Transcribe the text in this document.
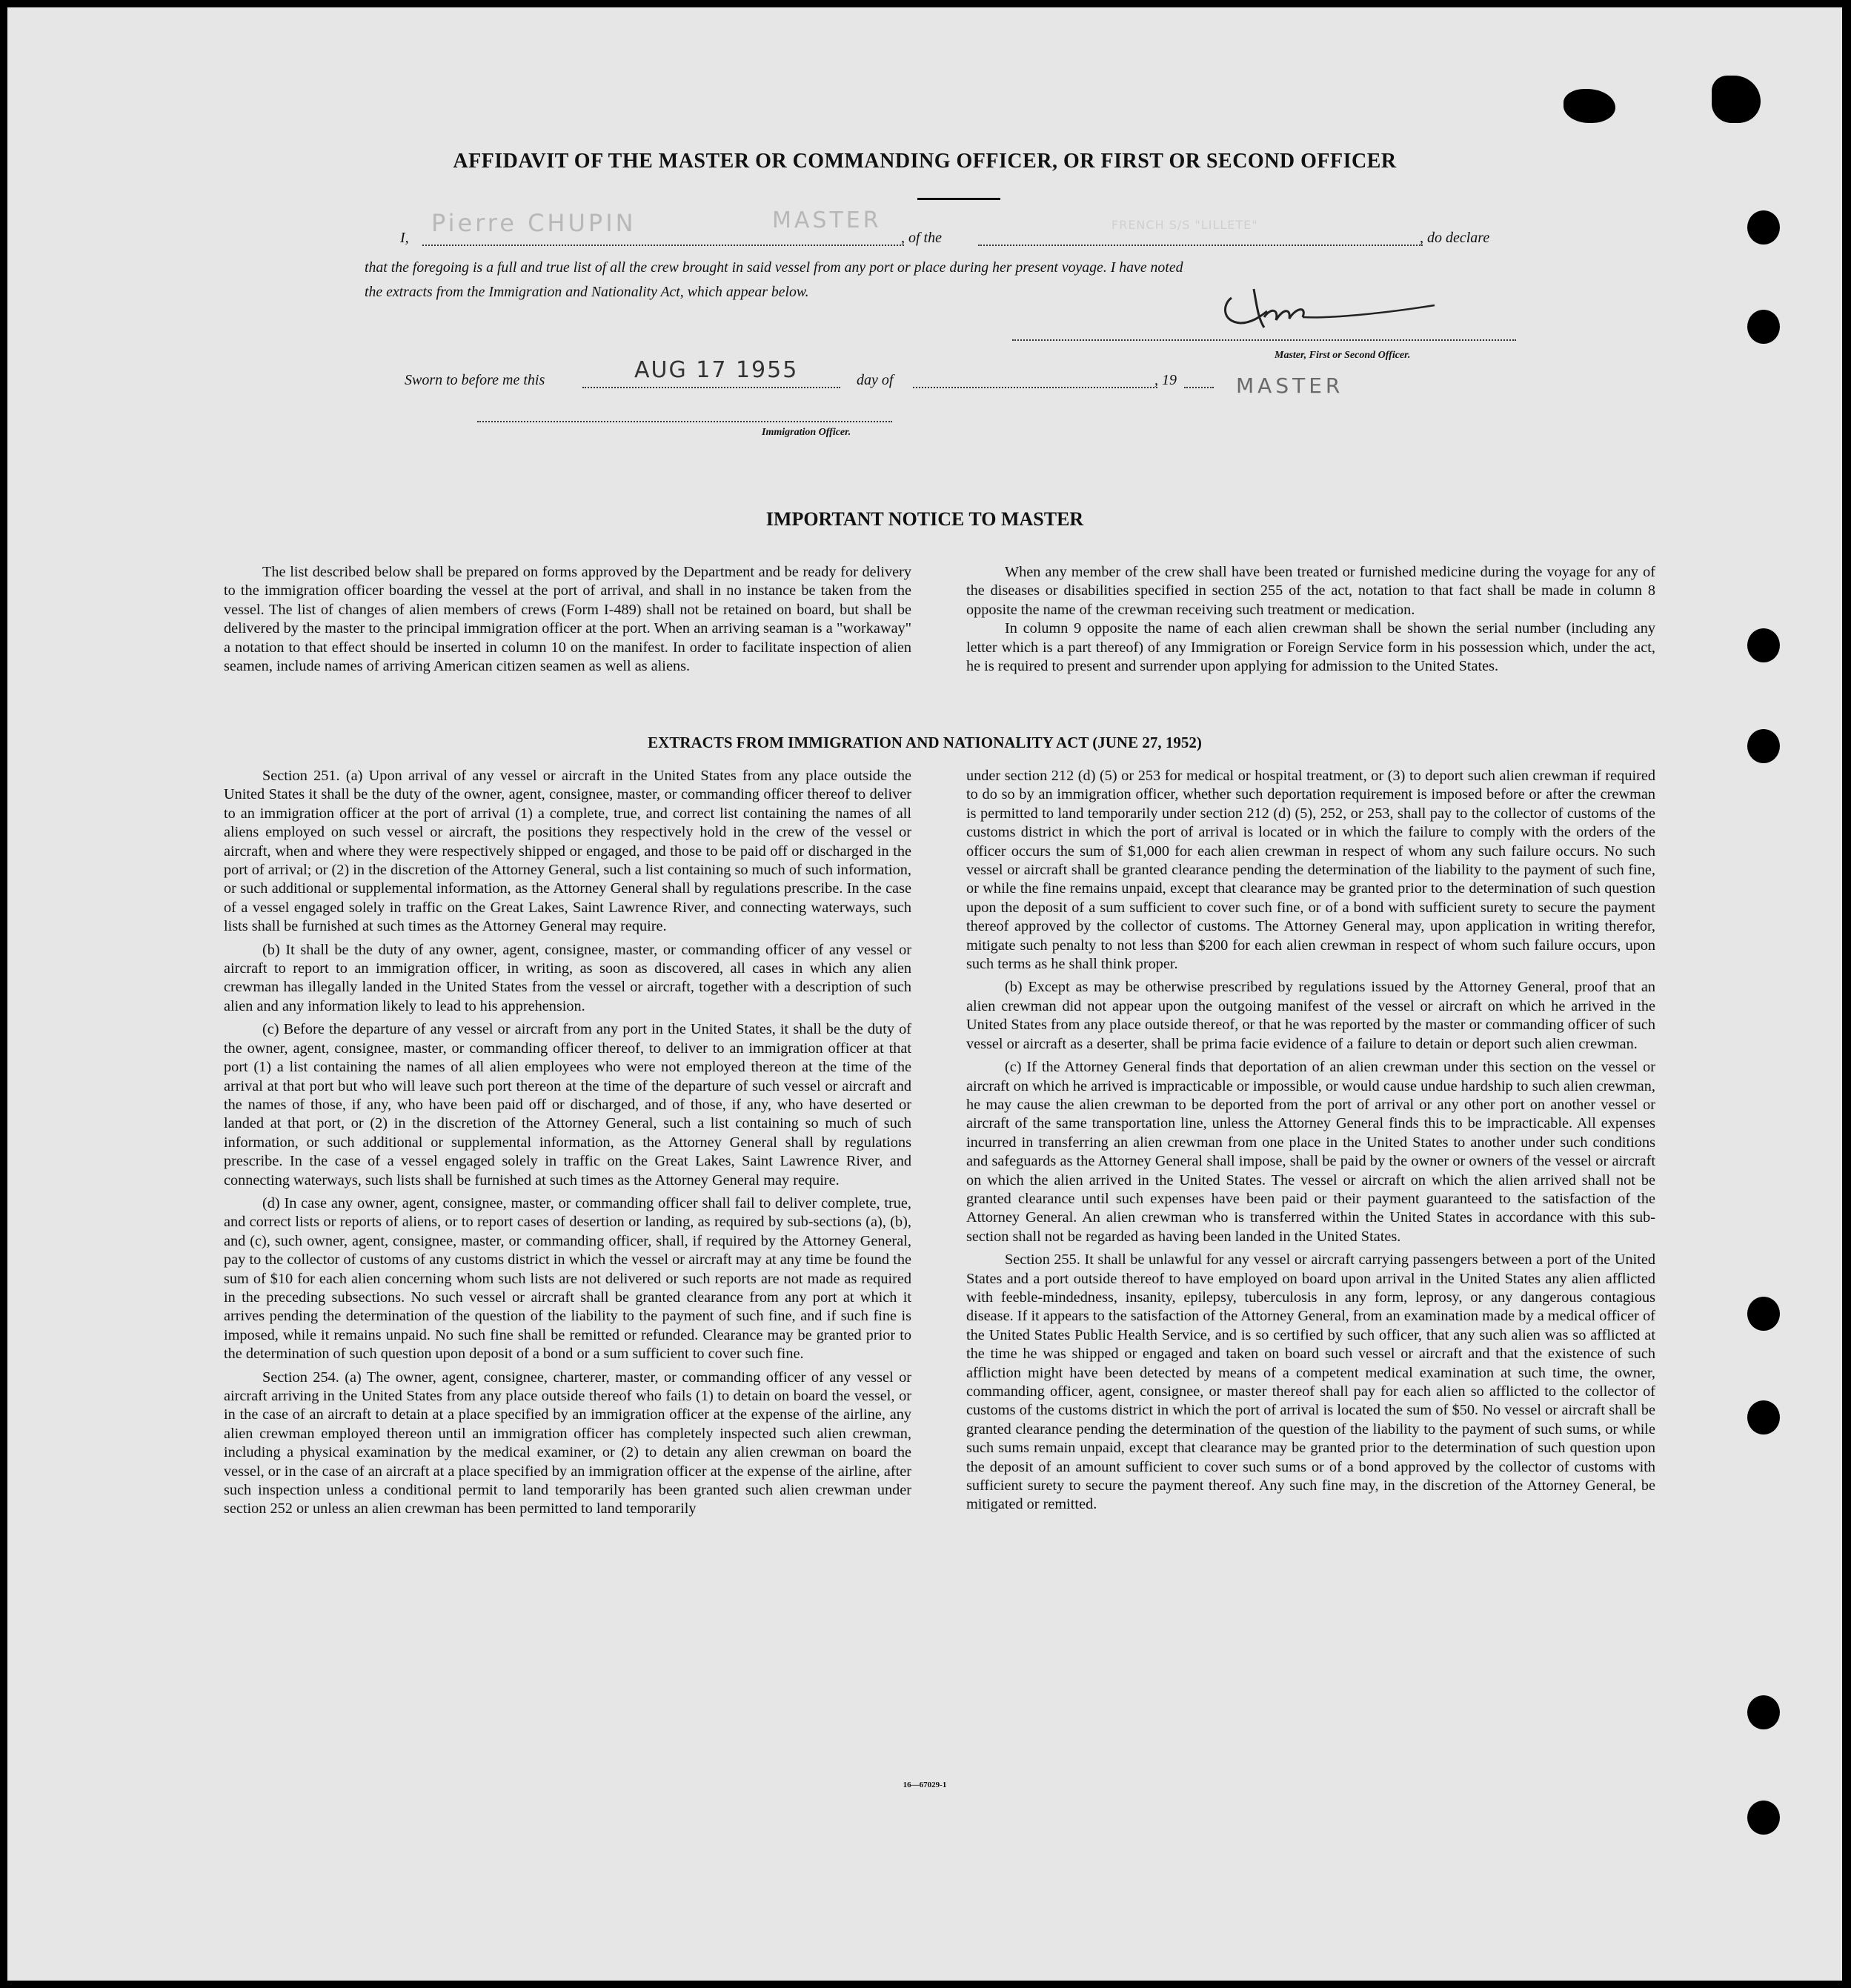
AFFIDAVIT OF THE MASTER OR COMMANDING OFFICER, OR FIRST OR SECOND OFFICER
I,
Pierre CHUPIN	MASTER
, of the
FRENCH S/S "LILLETE"
, do declare
that the foregoing is a full and true list of all the crew brought in said vessel from any port or place during her present voyage. I have noted
the extracts from the Immigration and Nationality Act, which appear below.
Master, First or Second Officer.
Sworn to before me this	AUG 17 1955	day of	, 19	MASTER
Immigration Officer.
IMPORTANT NOTICE TO MASTER

The list described below shall be prepared on forms approved by the Department and be ready for delivery to the immigration officer boarding the vessel at the port of arrival, and shall in no instance be taken from the vessel. The list of changes of alien members of crews (Form I-489) shall not be retained on board, but shall be delivered by the master to the principal immigration officer at the port. When an arriving seaman is a "workaway" a notation to that effect should be inserted in column 10 on the manifest. In order to facilitate inspection of alien seamen, include names of arriving American citizen seamen as well as aliens.

When any member of the crew shall have been treated or furnished medicine during the voyage for any of the diseases or disabilities specified in section 255 of the act, notation to that fact shall be made in column 8 opposite the name of the crewman receiving such treatment or medication.

In column 9 opposite the name of each alien crewman shall be shown the serial number (including any letter which is a part thereof) of any Immigration or Foreign Service form in his possession which, under the act, he is required to present and surrender upon applying for admission to the United States.

EXTRACTS FROM IMMIGRATION AND NATIONALITY ACT (JUNE 27, 1952)

Section 251. (a) Upon arrival of any vessel or aircraft in the United States from any place outside the United States it shall be the duty of the owner, agent, consignee, master, or commanding officer thereof to deliver to an immigration officer at the port of arrival (1) a complete, true, and correct list containing the names of all aliens employed on such vessel or aircraft, the positions they respectively hold in the crew of the vessel or aircraft, when and where they were respectively shipped or engaged, and those to be paid off or discharged in the port of arrival; or (2) in the discretion of the Attorney General, such a list containing so much of such information, or such additional or supplemental information, as the Attorney General shall by regulations prescribe. In the case of a vessel engaged solely in traffic on the Great Lakes, Saint Lawrence River, and connecting waterways, such lists shall be furnished at such times as the Attorney General may require.

(b) It shall be the duty of any owner, agent, consignee, master, or commanding officer of any vessel or aircraft to report to an immigration officer, in writing, as soon as discovered, all cases in which any alien crewman has illegally landed in the United States from the vessel or aircraft, together with a description of such alien and any information likely to lead to his apprehension.

(c) Before the departure of any vessel or aircraft from any port in the United States, it shall be the duty of the owner, agent, consignee, master, or commanding officer thereof, to deliver to an immigration officer at that port (1) a list containing the names of all alien employees who were not employed thereon at the time of the arrival at that port but who will leave such port thereon at the time of the departure of such vessel or aircraft and the names of those, if any, who have been paid off or discharged, and of those, if any, who have deserted or landed at that port, or (2) in the discretion of the Attorney General, such a list containing so much of such information, or such additional or supplemental information, as the Attorney General shall by regulations prescribe. In the case of a vessel engaged solely in traffic on the Great Lakes, Saint Lawrence River, and connecting waterways, such lists shall be furnished at such times as the Attorney General may require.

(d) In case any owner, agent, consignee, master, or commanding officer shall fail to deliver complete, true, and correct lists or reports of aliens, or to report cases of desertion or landing, as required by sub-sections (a), (b), and (c), such owner, agent, consignee, master, or commanding officer, shall, if required by the Attorney General, pay to the collector of customs of any customs district in which the vessel or aircraft may at any time be found the sum of $10 for each alien concerning whom such lists are not delivered or such reports are not made as required in the preceding subsections. No such vessel or aircraft shall be granted clearance from any port at which it arrives pending the determination of the question of the liability to the payment of such fine, and if such fine is imposed, while it remains unpaid. No such fine shall be remitted or refunded. Clearance may be granted prior to the determination of such question upon deposit of a bond or a sum sufficient to cover such fine.

Section 254. (a) The owner, agent, consignee, charterer, master, or commanding officer of any vessel or aircraft arriving in the United States from any place outside thereof who fails (1) to detain on board the vessel, or in the case of an aircraft to detain at a place specified by an immigration officer at the expense of the airline, any alien crewman employed thereon until an immigration officer has completely inspected such alien crewman, including a physical examination by the medical examiner, or (2) to detain any alien crewman on board the vessel, or in the case of an aircraft at a place specified by an immigration officer at the expense of the airline, after such inspection unless a conditional permit to land temporarily has been granted such alien crewman under section 252 or unless an alien crewman has been permitted to land temporarily

under section 212 (d) (5) or 253 for medical or hospital treatment, or (3) to deport such alien crewman if required to do so by an immigration officer, whether such deportation requirement is imposed before or after the crewman is permitted to land temporarily under section 212 (d) (5), 252, or 253, shall pay to the collector of customs of the customs district in which the port of arrival is located or in which the failure to comply with the orders of the officer occurs the sum of $1,000 for each alien crewman in respect of whom any such failure occurs. No such vessel or aircraft shall be granted clearance pending the determination of the liability to the payment of such fine, or while the fine remains unpaid, except that clearance may be granted prior to the determination of such question upon the deposit of a sum sufficient to cover such fine, or of a bond with sufficient surety to secure the payment thereof approved by the collector of customs. The Attorney General may, upon application in writing therefor, mitigate such penalty to not less than $200 for each alien crewman in respect of whom such failure occurs, upon such terms as he shall think proper.

(b) Except as may be otherwise prescribed by regulations issued by the Attorney General, proof that an alien crewman did not appear upon the outgoing manifest of the vessel or aircraft on which he arrived in the United States from any place outside thereof, or that he was reported by the master or commanding officer of such vessel or aircraft as a deserter, shall be prima facie evidence of a failure to detain or deport such alien crewman.

(c) If the Attorney General finds that deportation of an alien crewman under this section on the vessel or aircraft on which he arrived is impracticable or impossible, or would cause undue hardship to such alien crewman, he may cause the alien crewman to be deported from the port of arrival or any other port on another vessel or aircraft of the same transportation line, unless the Attorney General finds this to be impracticable. All expenses incurred in transferring an alien crewman from one place in the United States to another under such conditions and safeguards as the Attorney General shall impose, shall be paid by the owner or owners of the vessel or aircraft on which the alien arrived in the United States. The vessel or aircraft on which the alien arrived shall not be granted clearance until such expenses have been paid or their payment guaranteed to the satisfaction of the Attorney General. An alien crewman who is transferred within the United States in accordance with this sub-section shall not be regarded as having been landed in the United States.

Section 255. It shall be unlawful for any vessel or aircraft carrying passengers between a port of the United States and a port outside thereof to have employed on board upon arrival in the United States any alien afflicted with feeble-mindedness, insanity, epilepsy, tuberculosis in any form, leprosy, or any dangerous contagious disease. If it appears to the satisfaction of the Attorney General, from an examination made by a medical officer of the United States Public Health Service, and is so certified by such officer, that any such alien was so afflicted at the time he was shipped or engaged and taken on board such vessel or aircraft and that the existence of such affliction might have been detected by means of a competent medical examination at such time, the owner, commanding officer, agent, consignee, or master thereof shall pay for each alien so afflicted to the collector of customs of the customs district in which the port of arrival is located the sum of $50. No vessel or aircraft shall be granted clearance pending the determination of the question of the liability to the payment of such sums, or while such sums remain unpaid, except that clearance may be granted prior to the determination of such question upon the deposit of an amount sufficient to cover such sums or of a bond approved by the collector of customs with sufficient surety to secure the payment thereof. Any such fine may, in the discretion of the Attorney General, be mitigated or remitted.

16—67029-1
